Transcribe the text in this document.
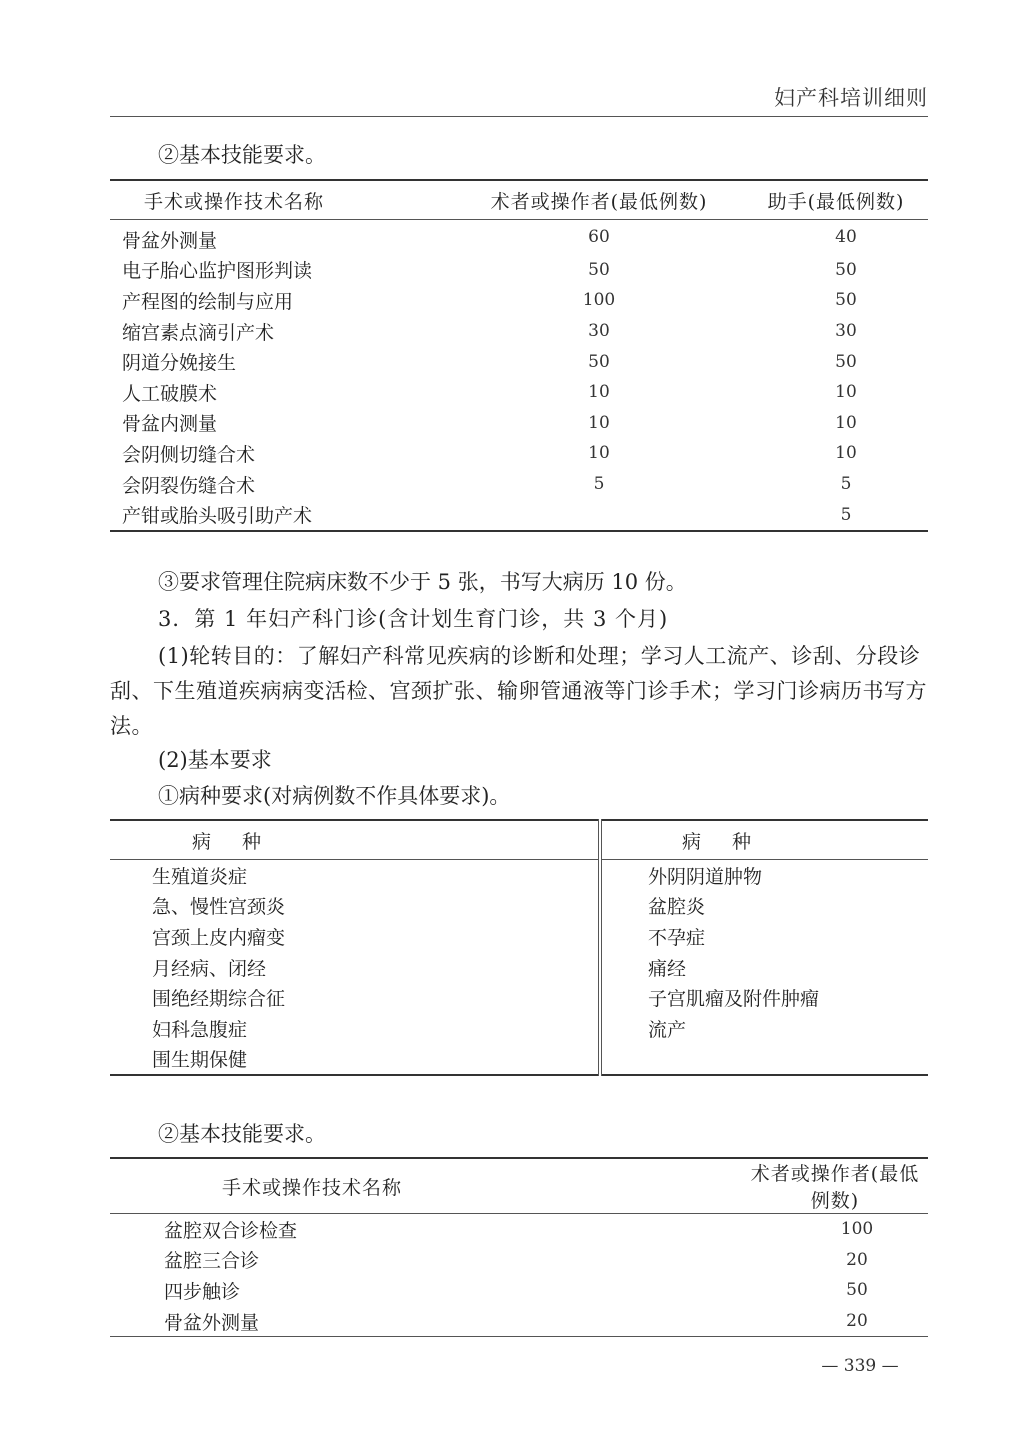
妇产科培训细则
②基本技能要求。
手术或操作技术名称	术者或操作者(最低例数)	助手(最低例数)
骨盆外测量	60	40
电子胎心监护图形判读	50	50
产程图的绘制与应用	100	50
缩宫素点滴引产术	30	30
阴道分娩接生	50	50
人工破膜术	10	10
骨盆内测量	10	10
会阴侧切缝合术	10	10
会阴裂伤缝合术	5	5
产钳或胎头吸引助产术		5
③要求管理住院病床数不少于 5 张，书写大病历 10 份。
3．第 1 年妇产科门诊(含计划生育门诊，共 3 个月)
(1)轮转目的：了解妇产科常见疾病的诊断和处理；学习人工流产、诊刮、分段诊刮、下生殖道疾病病变活检、宫颈扩张、输卵管通液等门诊手术；学习门诊病历书写方法。
(2)基本要求
①病种要求(对病例数不作具体要求)。
病　种	病　种
生殖道炎症	外阴阴道肿物
急、慢性宫颈炎	盆腔炎
宫颈上皮内瘤变	不孕症
月经病、闭经	痛经
围绝经期综合征	子宫肌瘤及附件肿瘤
妇科急腹症	流产
围生期保健	
②基本技能要求。
手术或操作技术名称	术者或操作者(最低例数)
盆腔双合诊检查	100
盆腔三合诊	20
四步触诊	50
骨盆外测量	20
— 339 —
